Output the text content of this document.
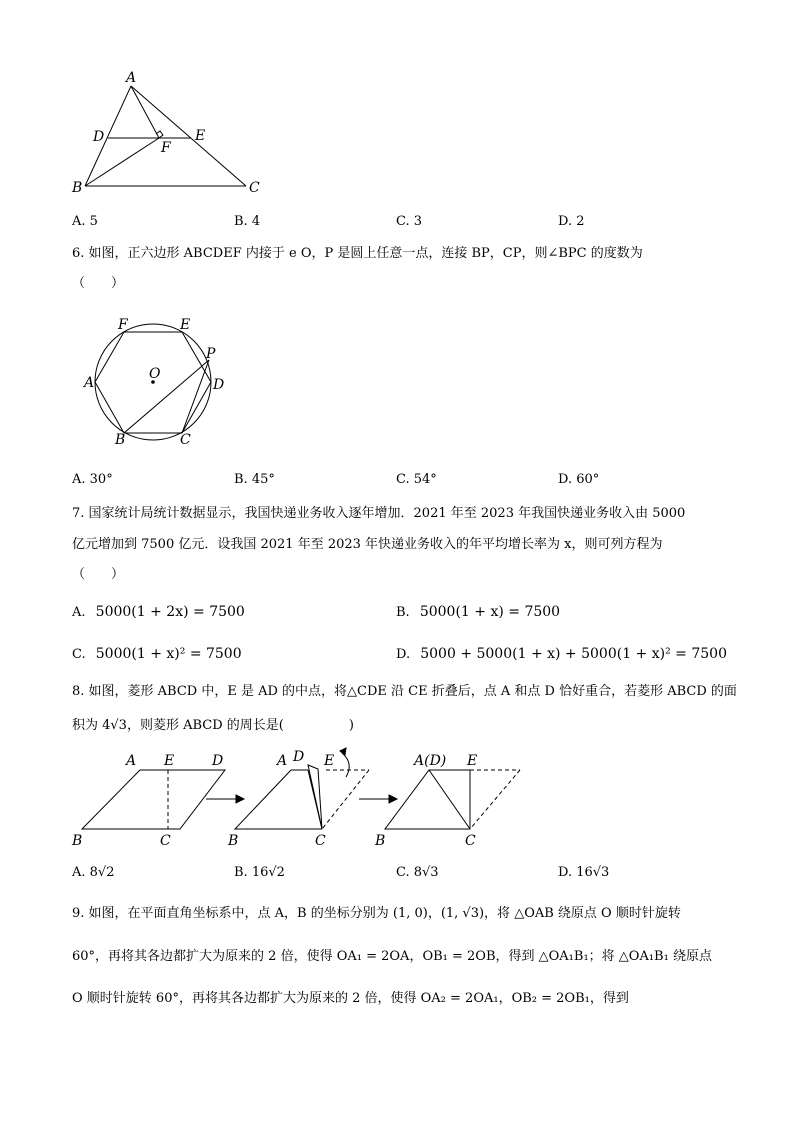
A
D	E
F
B	C
A. 5	B. 4	C. 3	D. 2
6. 如图，正六边形 ABCDEF 内接于 e O，P 是圆上任意一点，连接 BP，CP，则∠BPC 的度数为
（　　）
F	E
P
O
A	D
B	C
A. 30°	B. 45°	C. 54°	D. 60°
7. 国家统计局统计数据显示，我国快递业务收入逐年增加．2021 年至 2023 年我国快递业务收入由 5000
亿元增加到 7500 亿元．设我国 2021 年至 2023 年快递业务收入的年平均增长率为 x，则可列方程为
（　　）
A. 5000(1 + 2x) = 7500	B. 5000(1 + x) = 7500
C. 5000(1 + x)² = 7500	D. 5000 + 5000(1 + x) + 5000(1 + x)² = 7500
8. 如图，菱形 ABCD 中，E 是 AD 的中点，将△CDE 沿 CE 折叠后，点 A 和点 D 恰好重合，若菱形 ABCD 的面
积为 4√3，则菱形 ABCD 的周长是(　　　　　)
A E	D
B	C
A D E
B	C
A(D) E
B	C
A. 8√2	B. 16√2	C. 8√3	D. 16√3
9. 如图，在平面直角坐标系中，点 A，B 的坐标分别为 (1, 0)，(1, √3)，将 △OAB 绕原点 O 顺时针旋转
60°，再将其各边都扩大为原来的 2 倍，使得 OA₁ = 2OA，OB₁ = 2OB，得到 △OA₁B₁；将 △OA₁B₁ 绕原点
O 顺时针旋转 60°，再将其各边都扩大为原来的 2 倍，使得 OA₂ = 2OA₁，OB₂ = 2OB₁，得到
